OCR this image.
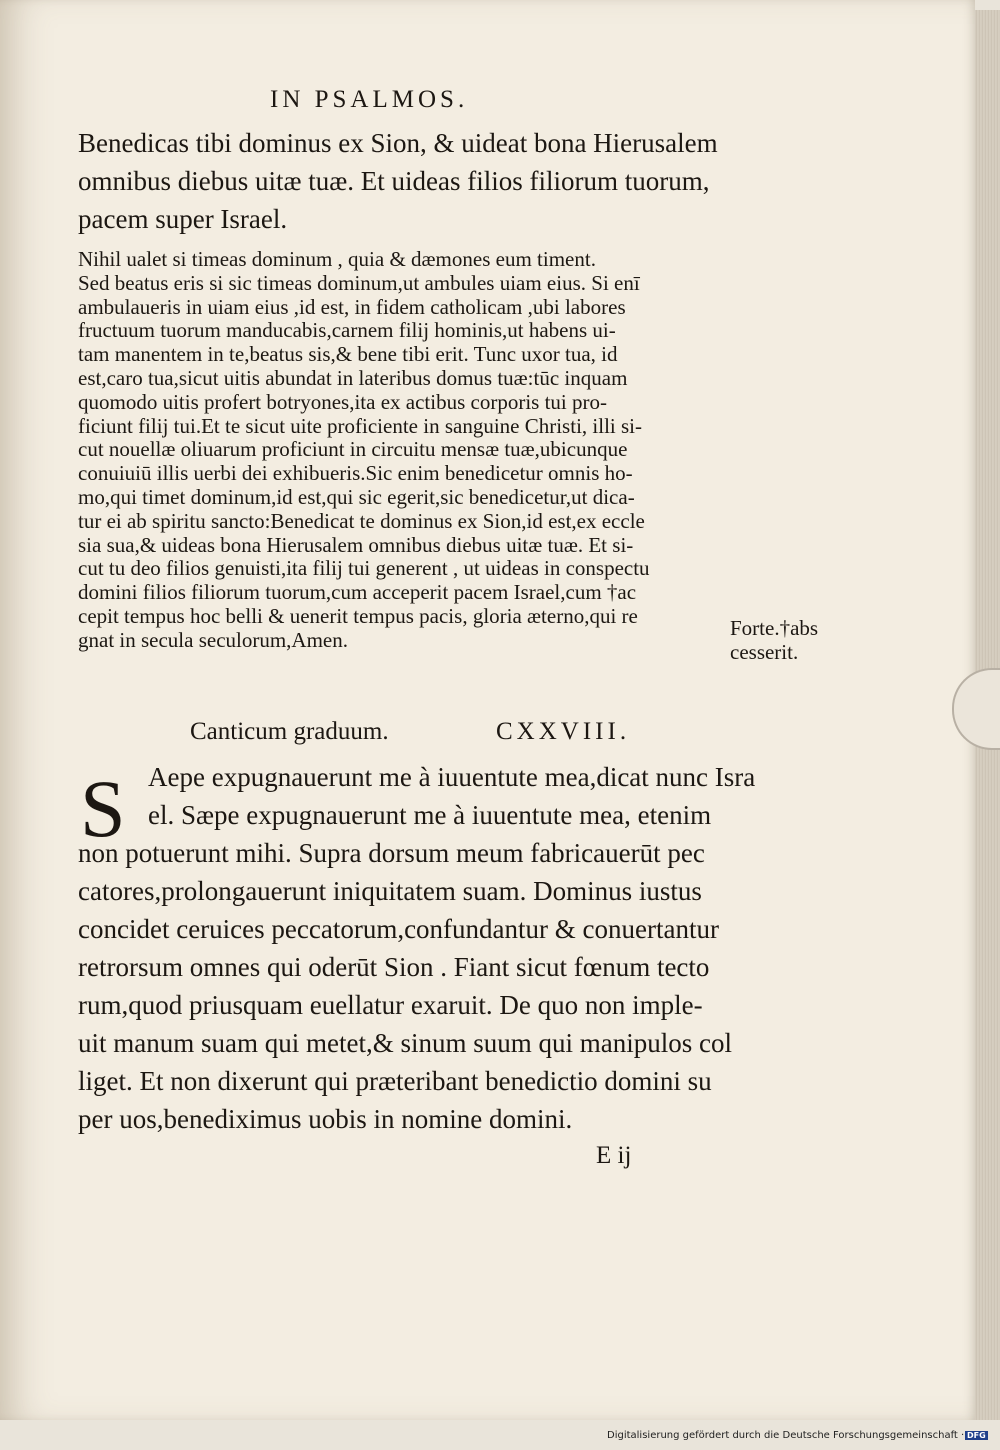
IN PSALMOS.
Benedicas tibi dominus ex Sion, & uideat bona Hierusalem
omnibus diebus uitæ tuæ. Et uideas filios filiorum tuorum,
pacem super Israel.
Nihil ualet si timeas dominum , quia & dæmones eum timent.
Sed beatus eris si sic timeas dominum,ut ambules uiam eius. Si enī
ambulaueris in uiam eius ,id est, in fidem catholicam ,ubi labores
fructuum tuorum manducabis,carnem filij hominis,ut habens ui-
tam manentem in te,beatus sis,& bene tibi erit. Tunc uxor tua, id
est,caro tua,sicut uitis abundat in lateribus domus tuæ:tūc inquam
quomodo uitis profert botryones,ita ex actibus corporis tui pro-
ficiunt filij tui.Et te sicut uite proficiente in sanguine Christi, illi si-
cut nouellæ oliuarum proficiunt in circuitu mensæ tuæ,ubicunque
conuiuiū illis uerbi dei exhibueris.Sic enim benedicetur omnis ho-
mo,qui timet dominum,id est,qui sic egerit,sic benedicetur,ut dica-
tur ei ab spiritu sancto:Benedicat te dominus ex Sion,id est,ex eccle
sia sua,& uideas bona Hierusalem omnibus diebus uitæ tuæ. Et si-
cut tu deo filios genuisti,ita filij tui generent , ut uideas in conspectu
domini filios filiorum tuorum,cum acceperit pacem Israel,cum †ac
cepit tempus hoc belli & uenerit tempus pacis, gloria æterno,qui re
gnat in secula seculorum,Amen.	Forte.†abs
cesserit.
Canticum graduum.	CXXVIII.
S Aepe expugnauerunt me à iuuentute mea,dicat nunc Isra
el. Sæpe expugnauerunt me à iuuentute mea, etenim
non potuerunt mihi. Supra dorsum meum fabricauerūt pec
catores,prolongauerunt iniquitatem suam. Dominus iustus
concidet ceruices peccatorum,confundantur & conuertantur
retrorsum omnes qui oderūt Sion . Fiant sicut fœnum tecto
rum,quod priusquam euellatur exaruit. De quo non imple-
uit manum suam qui metet,& sinum suum qui manipulos col
liget. Et non dixerunt qui præteribant benedictio domini su
per uos,benediximus uobis in nomine domini.
E ij
Digitalisierung gefördert durch die Deutsche Forschungsgemeinschaft · DFG
